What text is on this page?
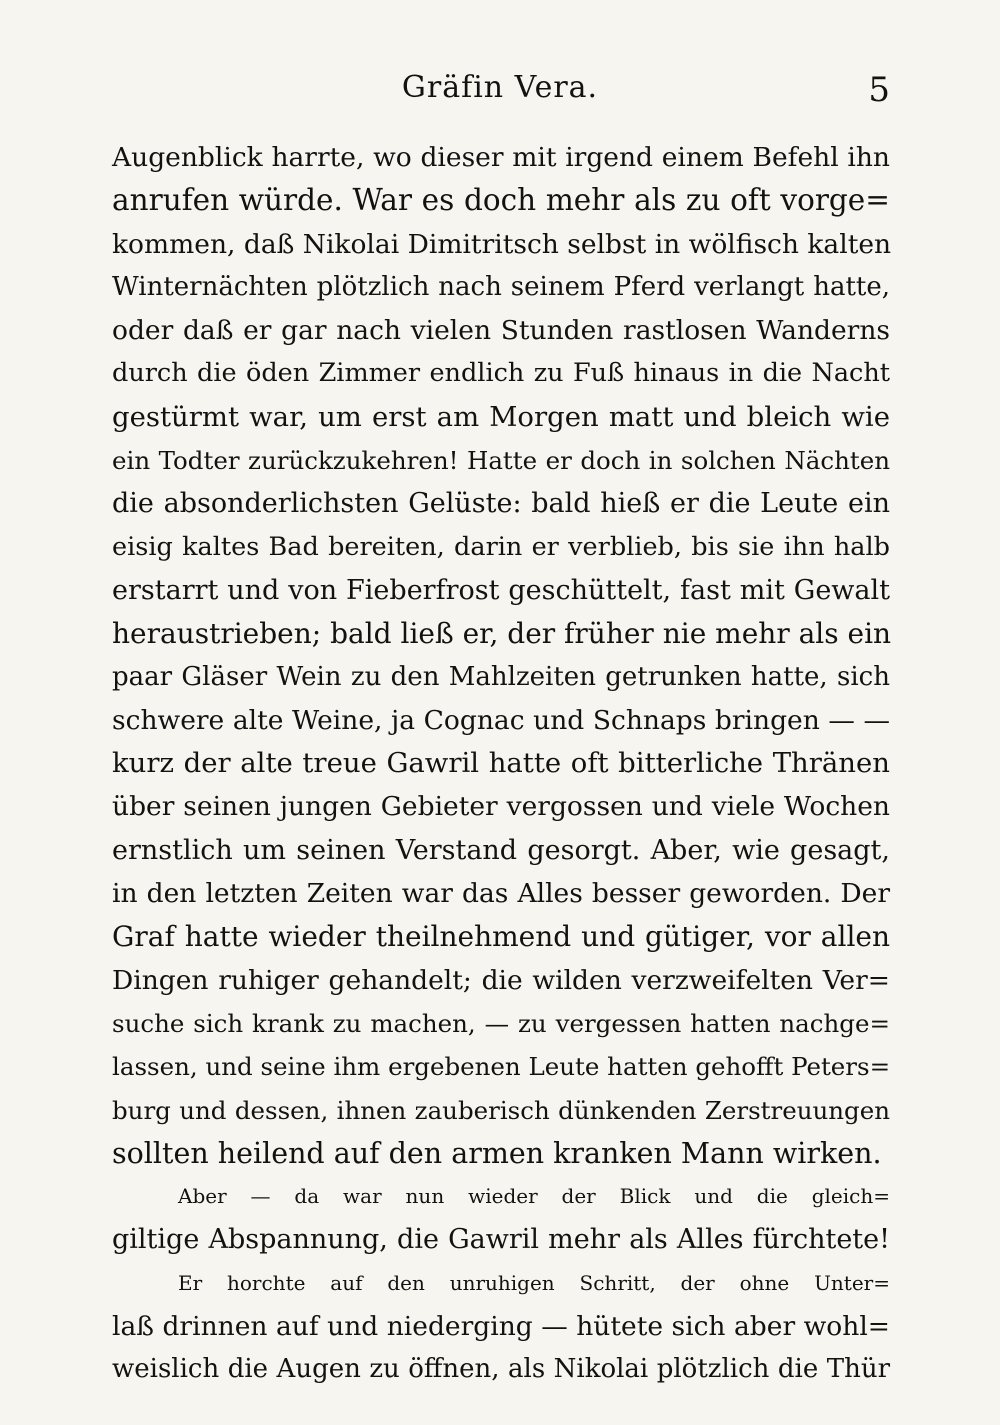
Gräfin Vera.	5
Augenblick harrte, wo dieser mit irgend einem Befehl ihn
anrufen würde. War es doch mehr als zu oft vorge=
kommen, daß Nikolai Dimitritsch selbst in wölfisch kalten
Winternächten plötzlich nach seinem Pferd verlangt hatte,
oder daß er gar nach vielen Stunden rastlosen Wanderns
durch die öden Zimmer endlich zu Fuß hinaus in die Nacht
gestürmt war, um erst am Morgen matt und bleich wie
ein Todter zurückzukehren! Hatte er doch in solchen Nächten
die absonderlichsten Gelüste: bald hieß er die Leute ein
eisig kaltes Bad bereiten, darin er verblieb, bis sie ihn halb
erstarrt und von Fieberfrost geschüttelt, fast mit Gewalt
heraustrieben; bald ließ er, der früher nie mehr als ein
paar Gläser Wein zu den Mahlzeiten getrunken hatte, sich
schwere alte Weine, ja Cognac und Schnaps bringen — —
kurz der alte treue Gawril hatte oft bitterliche Thränen
über seinen jungen Gebieter vergossen und viele Wochen
ernstlich um seinen Verstand gesorgt. Aber, wie gesagt,
in den letzten Zeiten war das Alles besser geworden. Der
Graf hatte wieder theilnehmend und gütiger, vor allen
Dingen ruhiger gehandelt; die wilden verzweifelten Ver=
suche sich krank zu machen, — zu vergessen hatten nachge=
lassen, und seine ihm ergebenen Leute hatten gehofft Peters=
burg und dessen, ihnen zauberisch dünkenden Zerstreuungen
sollten heilend auf den armen kranken Mann wirken.
Aber — da war nun wieder der Blick und die gleich=
giltige Abspannung, die Gawril mehr als Alles fürchtete!
Er horchte auf den unruhigen Schritt, der ohne Unter=
laß drinnen auf und niederging — hütete sich aber wohl=
weislich die Augen zu öffnen, als Nikolai plötzlich die Thür
